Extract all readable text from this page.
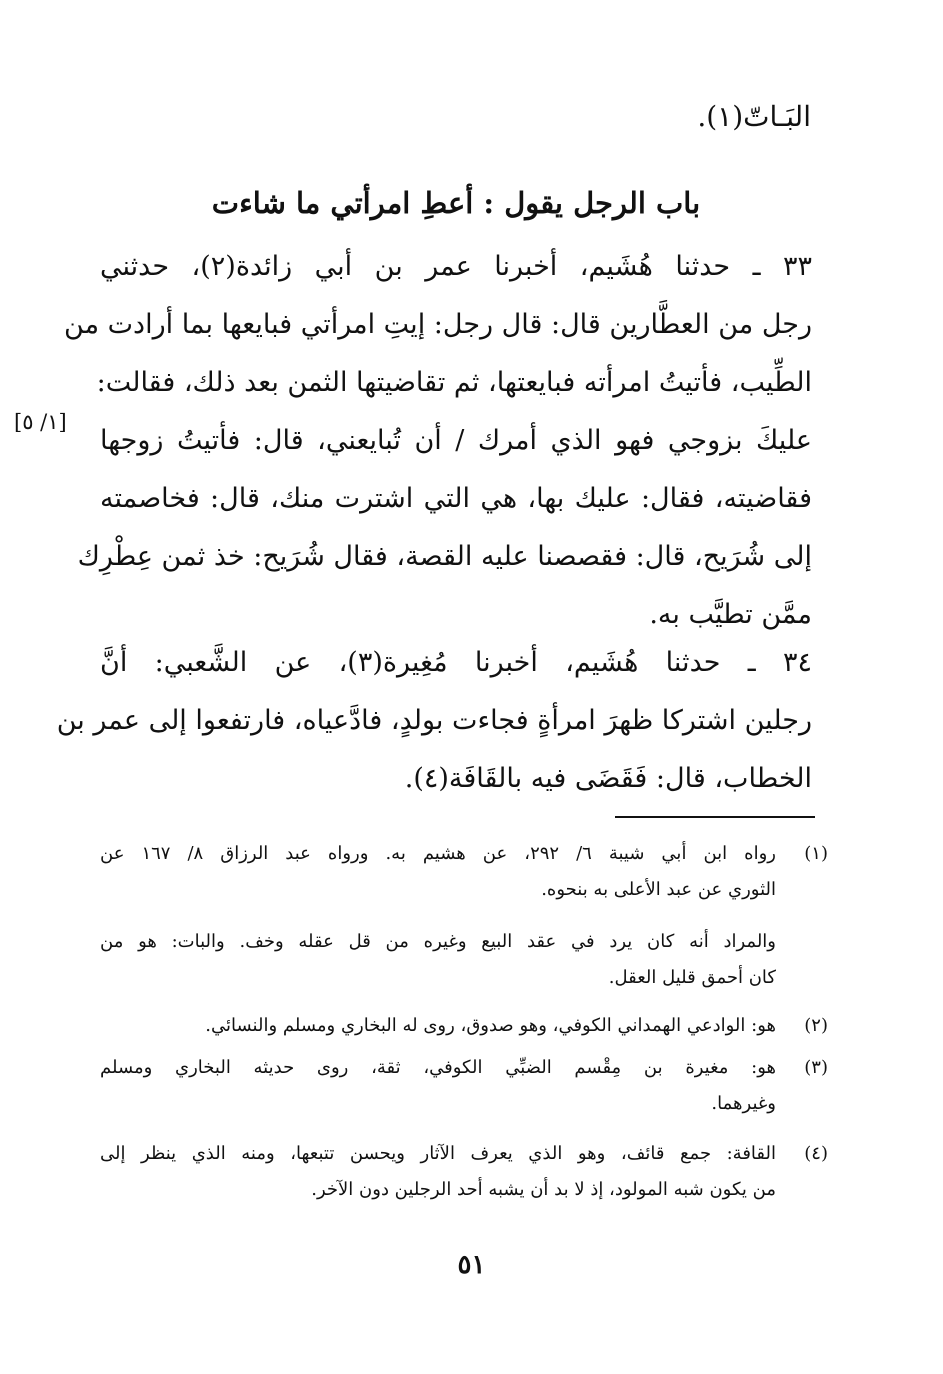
البَـاتّ(١).
باب الرجل يقول : أعطِ امرأتي ما شاءت
[١/ ٥]
٣٣ ـ حدثنا هُشَيم، أخبرنا عمر بن أبي زائدة(٢)، حدثني
رجل من العطَّارين قال: قال رجل: إيتِ امرأتي فبايعها بما أرادت من
الطِّيب، فأتيتُ امرأته فبايعتها، ثم تقاضيتها الثمن بعد ذلك، فقالت:
عليكَ بزوجي فهو الذي أمرك / أن تُبايعني، قال: فأتيتُ زوجها
فقاضيته، فقال: عليك بها، هي التي اشترت منك، قال: فخاصمته
إلى شُرَيح، قال: فقصصنا عليه القصة، فقال شُرَيح: خذ ثمن عِطْرِك
ممَّن تطيَّب به.
٣٤ ـ حدثنا هُشَيم، أخبرنا مُغِيرة(٣)، عن الشَّعبي: أنَّ
رجلين اشتركا ظهرَ امرأةٍ فجاءت بولدٍ، فادَّعياه، فارتفعوا إلى عمر بن
الخطاب، قال: فَقَضَى فيه بالقَافَة(٤).
(١)
رواه ابن أبي شيبة ٦/ ٢٩٢، عن هشيم به. ورواه عبد الرزاق ٨/ ١٦٧ عن
الثوري عن عبد الأعلى به بنحوه.
والمراد أنه كان يرد في عقد البيع وغيره من قل عقله وخف. والبات: هو من
كان أحمق قليل العقل.
(٢)
هو: الوادعي الهمداني الكوفي، وهو صدوق، روى له البخاري ومسلم والنسائي.
(٣)
هو: مغيرة بن مِقْسم الضبِّي الكوفي، ثقة، روى حديثه البخاري ومسلم
وغيرهما.
(٤)
القافة: جمع قائف، وهو الذي يعرف الآثار ويحسن تتبعها، ومنه الذي ينظر إلى
من يكون شبه المولود، إذ لا بد أن يشبه أحد الرجلين دون الآخر.
٥١
